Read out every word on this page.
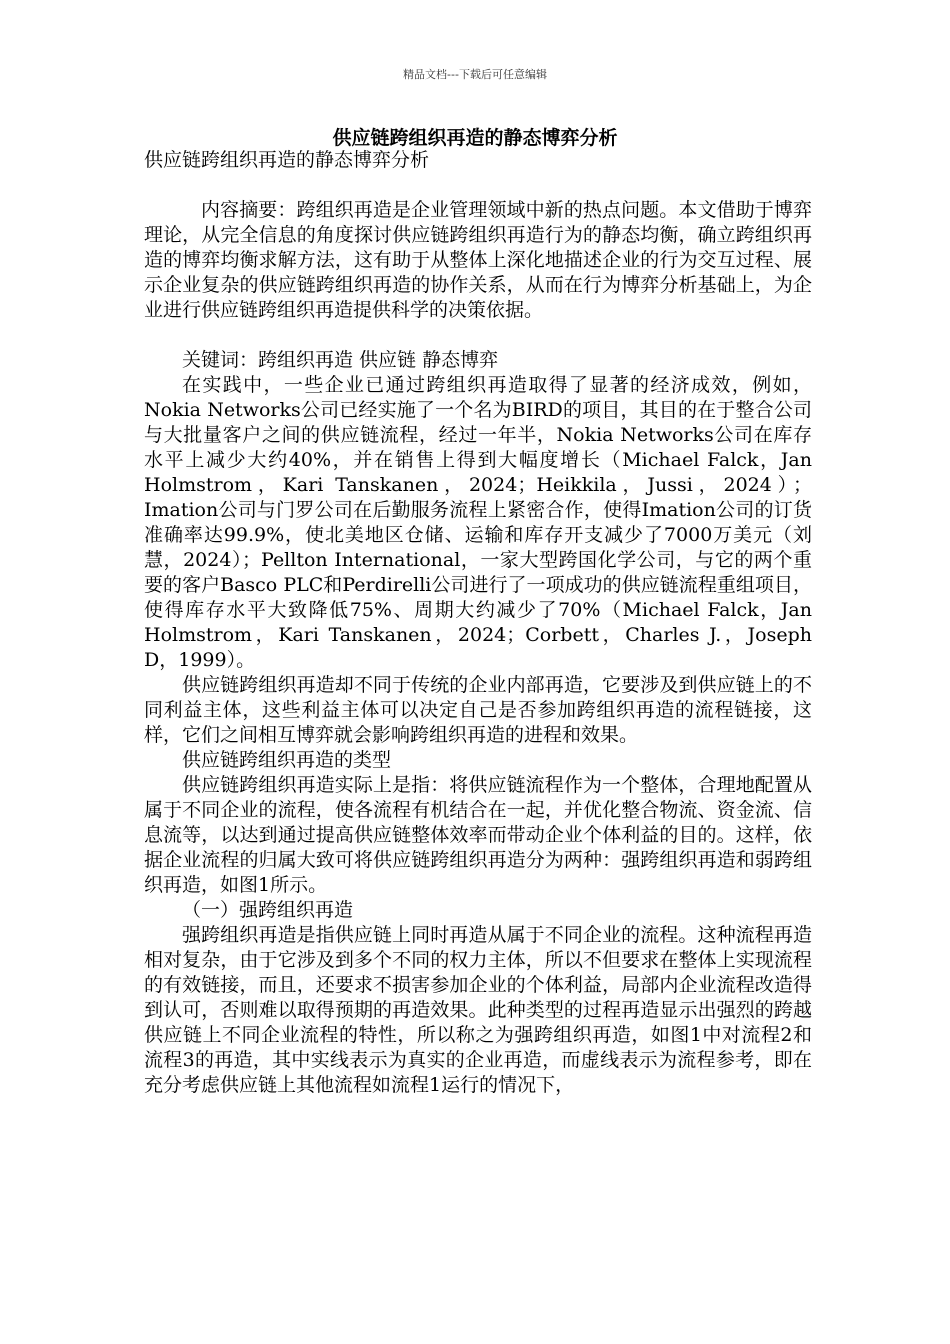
精品文档---下载后可任意编辑
供应链跨组织再造的静态博弈分析

供应链跨组织再造的静态博弈分析

内容摘要：跨组织再造是企业管理领域中新的热点问题。本文借助于博弈理论，从完全信息的角度探讨供应链跨组织再造行为的静态均衡，确立跨组织再造的博弈均衡求解方法，这有助于从整体上深化地描述企业的行为交互过程、展示企业复杂的供应链跨组织再造的协作关系，从而在行为博弈分析基础上，为企业进行供应链跨组织再造提供科学的决策依据。

关键词：跨组织再造 供应链 静态博弈

在实践中，一些企业已通过跨组织再造取得了显著的经济成效，例如，Nokia Networks公司已经实施了一个名为BIRD的项目，其目的在于整合公司与大批量客户之间的供应链流程，经过一年半，Nokia Networks公司在库存水平上减少大约40%，并在销售上得到大幅度增长（Michael Falck，Jan Holmstrom，Kari Tanskanen，2024；Heikkila，Jussi，2024）；Imation公司与门罗公司在后勤服务流程上紧密合作，使得Imation公司的订货准确率达99.9%，使北美地区仓储、运输和库存开支减少了7000万美元（刘慧，2024）；Pellton International，一家大型跨国化学公司，与它的两个重要的客户Basco PLC和Perdirelli公司进行了一项成功的供应链流程重组项目，使得库存水平大致降低75%、周期大约减少了70%（Michael Falck，Jan Holmstrom，Kari Tanskanen，2024；Corbett，Charles J.，Joseph D，1999）。

供应链跨组织再造却不同于传统的企业内部再造，它要涉及到供应链上的不同利益主体，这些利益主体可以决定自己是否参加跨组织再造的流程链接，这样，它们之间相互博弈就会影响跨组织再造的进程和效果。

供应链跨组织再造的类型

供应链跨组织再造实际上是指：将供应链流程作为一个整体，合理地配置从属于不同企业的流程，使各流程有机结合在一起，并优化整合物流、资金流、信息流等，以达到通过提高供应链整体效率而带动企业个体利益的目的。这样，依据企业流程的归属大致可将供应链跨组织再造分为两种：强跨组织再造和弱跨组织再造，如图1所示。

（一）强跨组织再造

强跨组织再造是指供应链上同时再造从属于不同企业的流程。这种流程再造相对复杂，由于它涉及到多个不同的权力主体，所以不但要求在整体上实现流程的有效链接，而且，还要求不损害参加企业的个体利益，局部内企业流程改造得到认可，否则难以取得预期的再造效果。此种类型的过程再造显示出强烈的跨越供应链上不同企业流程的特性，所以称之为强跨组织再造，如图1中对流程2和流程3的再造，其中实线表示为真实的企业再造，而虚线表示为流程参考，即在充分考虑供应链上其他流程如流程1运行的情况下，
